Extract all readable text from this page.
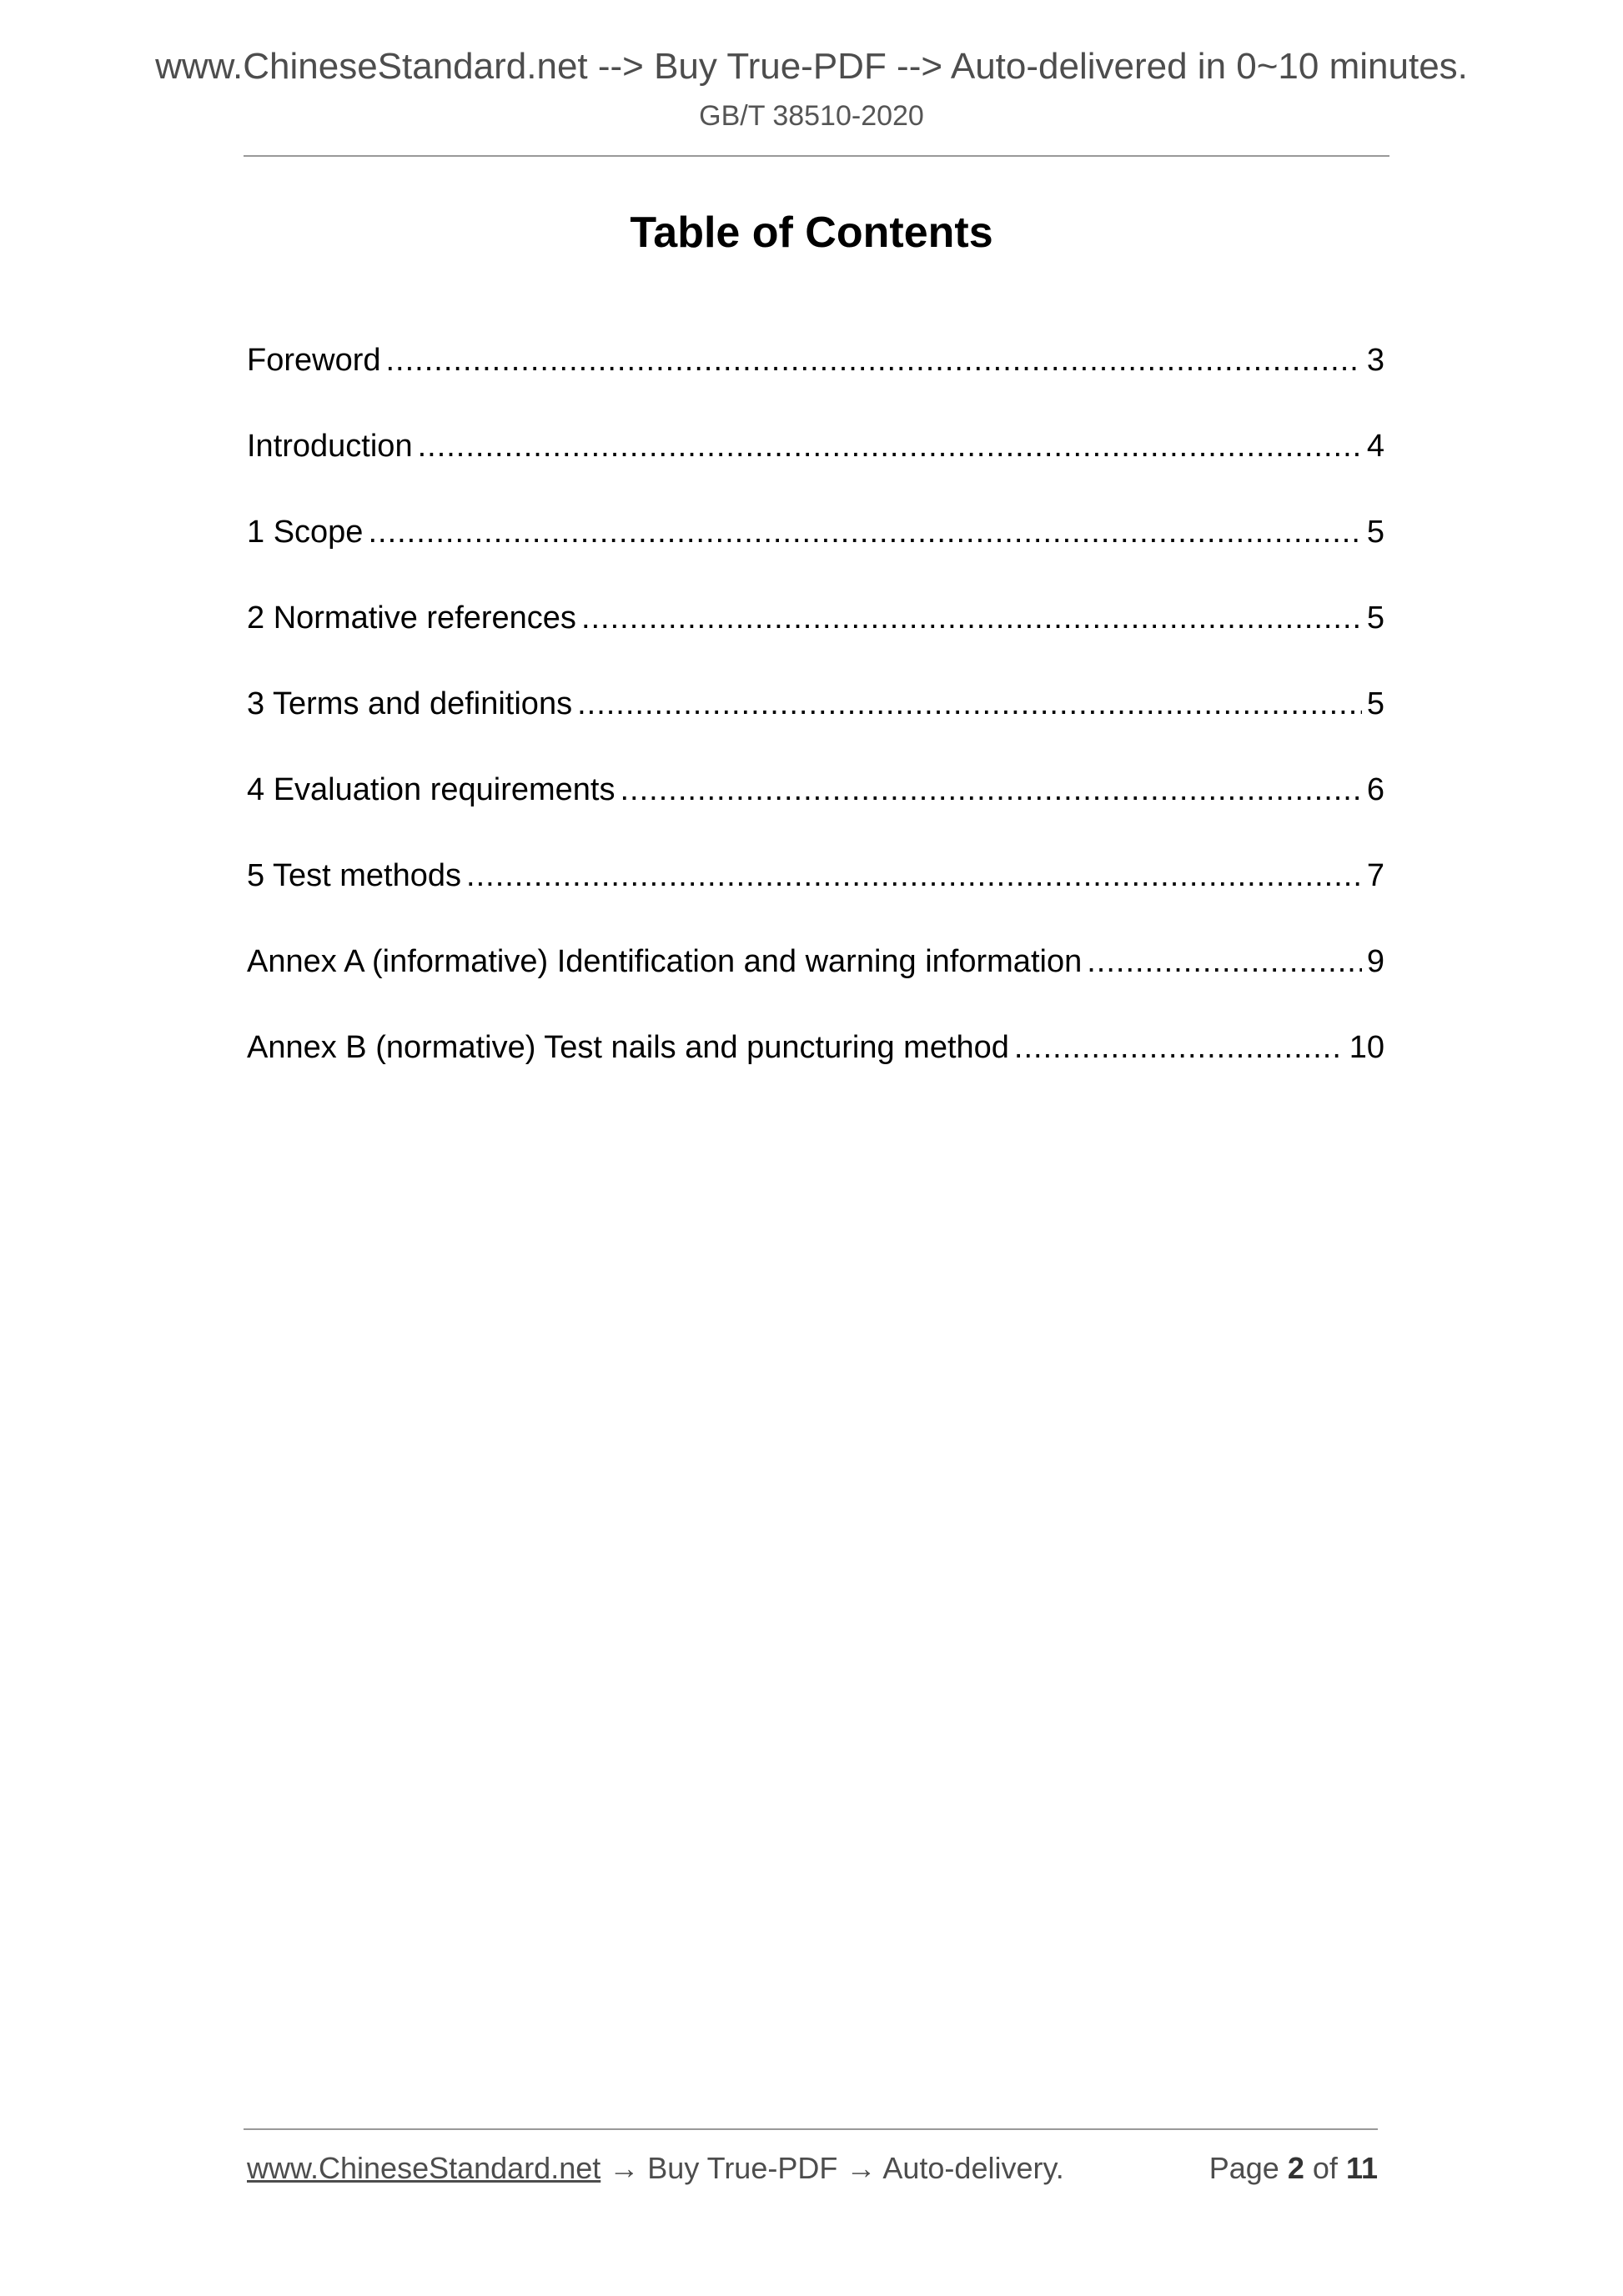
www.ChineseStandard.net --> Buy True-PDF --> Auto-delivered in 0~10 minutes.
GB/T 38510-2020
Table of Contents
Foreword .....	3
Introduction .....	4
1 Scope .....	5
2 Normative references .....	5
3 Terms and definitions .....	5
4 Evaluation requirements .....	6
5 Test methods .....	7
Annex A (informative) Identification and warning information .....	9
Annex B (normative) Test nails and puncturing method .....	10
www.ChineseStandard.net → Buy True-PDF → Auto-delivery.	Page 2 of 11
